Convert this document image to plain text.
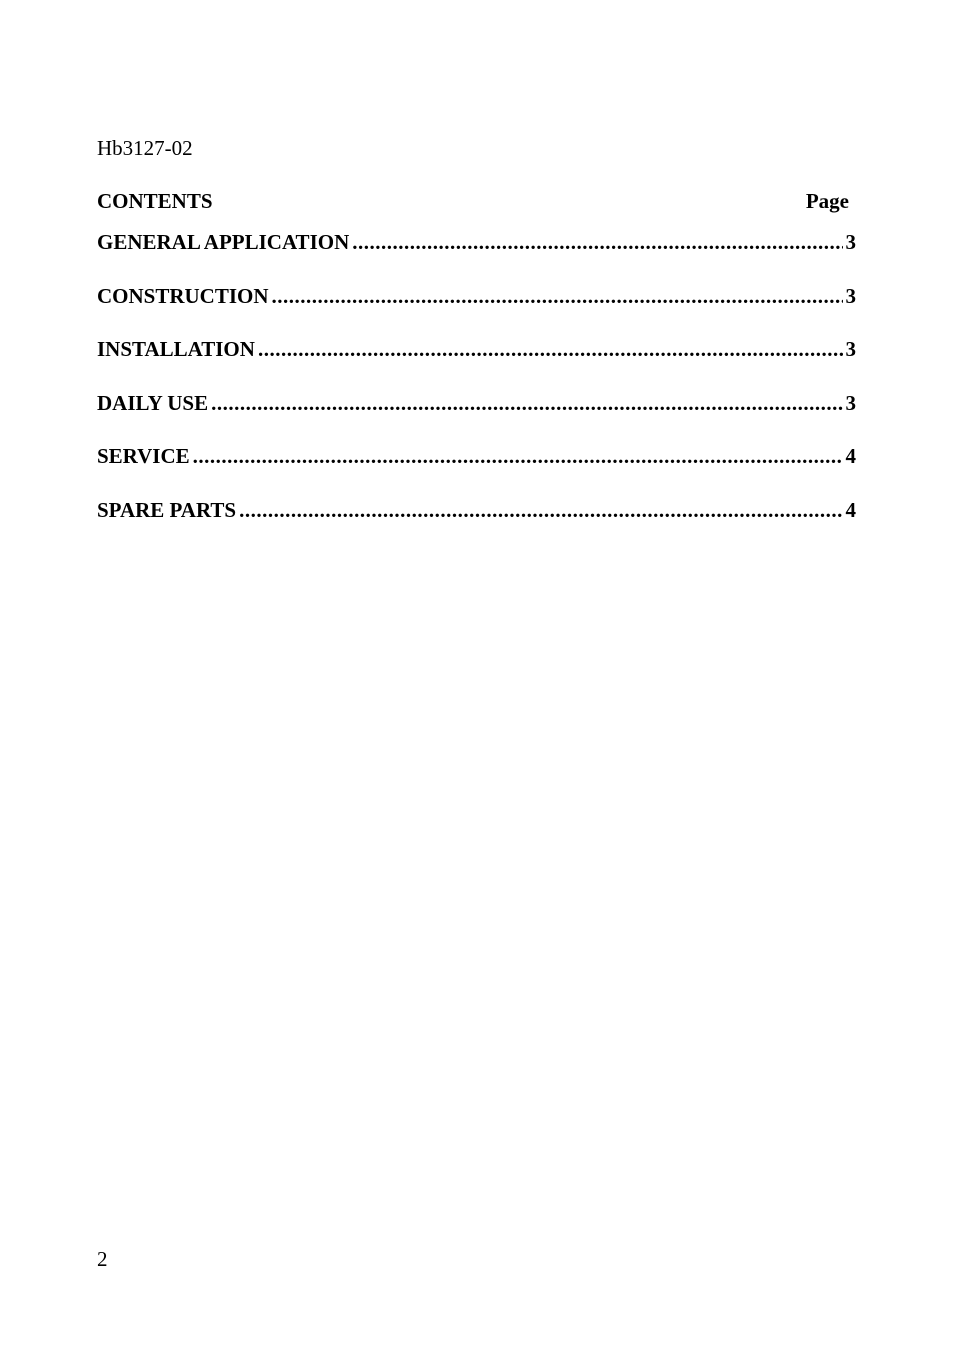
Hb3127-02
CONTENTS	Page
GENERAL APPLICATION .....	3
CONSTRUCTION .....	3
INSTALLATION .....	3
DAILY USE .....	3
SERVICE .....	4
SPARE PARTS .....	4
2
